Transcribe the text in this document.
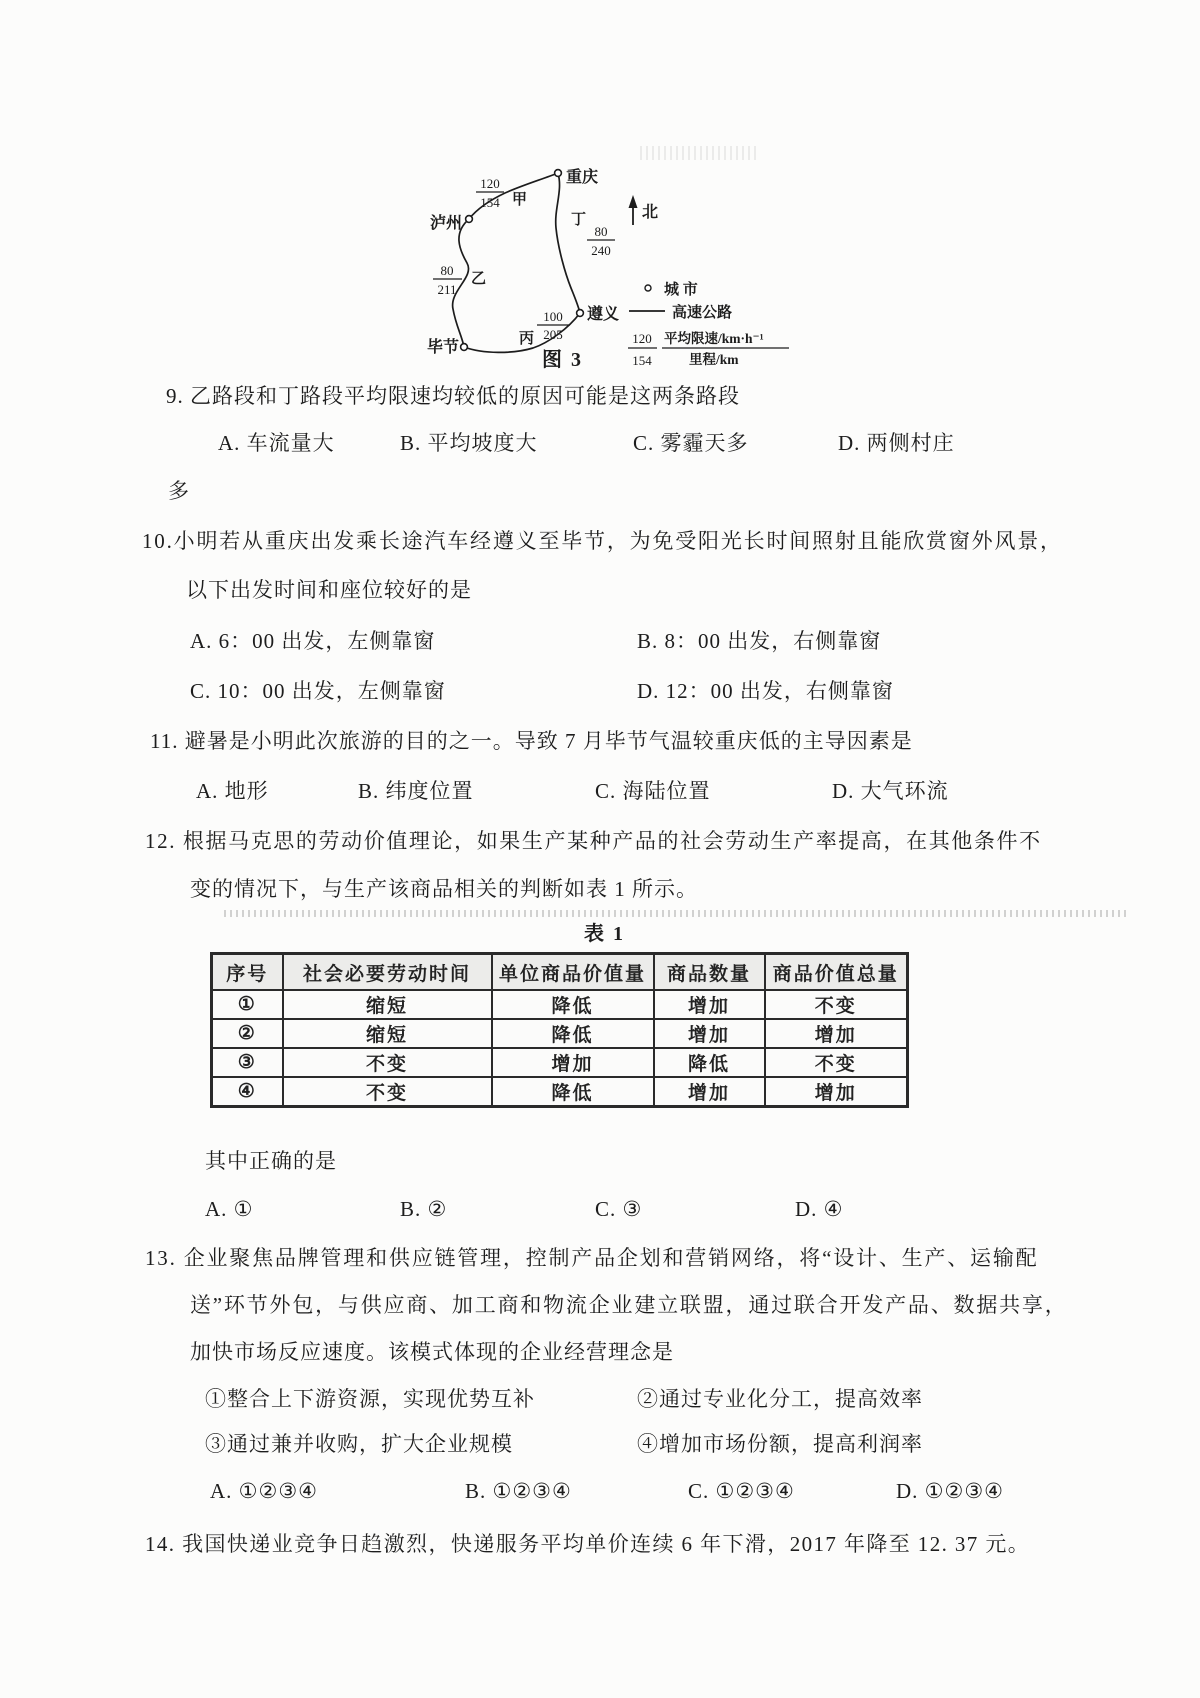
重庆
泸州
毕节
遵义
甲
乙
丙
丁
120
154
80
211
100
205
80
240
北
城 市
高速公路
120
154
平均限速/km·h⁻¹
里程/km
图 3
9. 乙路段和丁路段平均限速均较低的原因可能是这两条路段
A. 车流量大	B. 平均坡度大	C. 雾霾天多	D. 两侧村庄
多
10.小明若从重庆出发乘长途汽车经遵义至毕节，为免受阳光长时间照射且能欣赏窗外风景，
以下出发时间和座位较好的是
A. 6：00 出发，左侧靠窗	B. 8：00 出发，右侧靠窗
C. 10：00 出发，左侧靠窗	D. 12：00 出发，右侧靠窗
11. 避暑是小明此次旅游的目的之一。导致 7 月毕节气温较重庆低的主导因素是
A. 地形	B. 纬度位置	C. 海陆位置	D. 大气环流
12. 根据马克思的劳动价值理论，如果生产某种产品的社会劳动生产率提高，在其他条件不
变的情况下，与生产该商品相关的判断如表 1 所示。
表 1
序号	社会必要劳动时间	单位商品价值量	商品数量	商品价值总量
①	缩短	降低	增加	不变
②	缩短	降低	增加	增加
③	不变	增加	降低	不变
④	不变	降低	增加	增加
其中正确的是
A. ①	B. ②	C. ③	D. ④
13. 企业聚焦品牌管理和供应链管理，控制产品企划和营销网络，将“设计、生产、运输配
送”环节外包，与供应商、加工商和物流企业建立联盟，通过联合开发产品、数据共享，
加快市场反应速度。该模式体现的企业经营理念是
①整合上下游资源，实现优势互补	②通过专业化分工，提高效率
③通过兼并收购，扩大企业规模	④增加市场份额，提高利润率
A. ①②③④	B. ①②③④	C. ①②③④	D. ①②③④
14. 我国快递业竞争日趋激烈，快递服务平均单价连续 6 年下滑，2017 年降至 12. 37 元。
